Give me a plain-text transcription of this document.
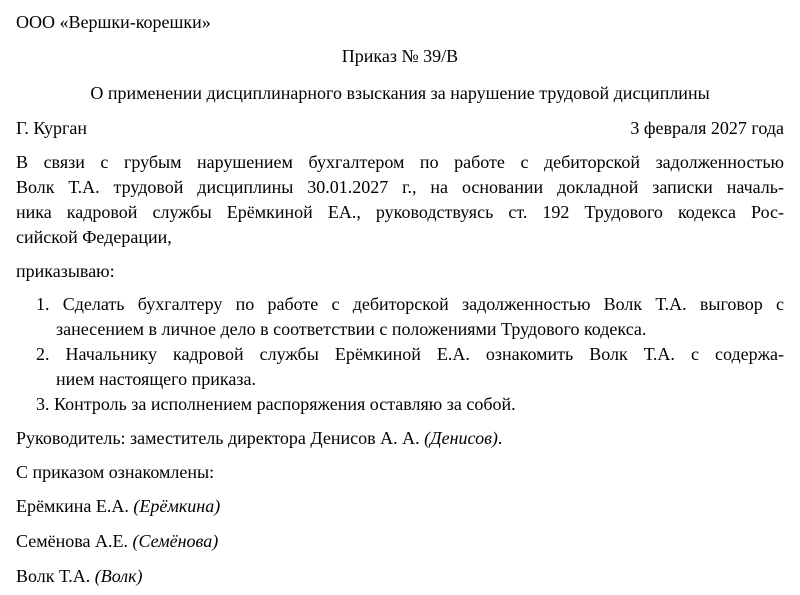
ООО «Вершки-корешки»
Приказ № 39/В
О применении дисциплинарного взыскания за нарушение трудовой дисциплины
Г. Курган	3 февраля 2027 года
В связи с грубым нарушением бухгалтером по работе с дебиторской задолженностью
Волк Т.А. трудовой дисциплины 30.01.2027 г., на основании докладной записки началь-
ника кадровой службы Ерёмкиной ЕА., руководствуясь ст. 192 Трудового кодекса Рос-
сийской Федерации,
приказываю:
1. Сделать бухгалтеру по работе с дебиторской задолженностью Волк Т.А. выговор с
занесением в личное дело в соответствии с положениями Трудового кодекса.
2. Начальнику кадровой службы Ерёмкиной Е.А. ознакомить Волк Т.А. с содержа-
нием настоящего приказа.
3. Контроль за исполнением распоряжения оставляю за собой.
Руководитель: заместитель директора Денисов А. А. (Денисов).
С приказом ознакомлены:
Ерёмкина Е.А. (Ерёмкина)
Семёнова А.Е. (Семёнова)
Волк Т.А. (Волк)
